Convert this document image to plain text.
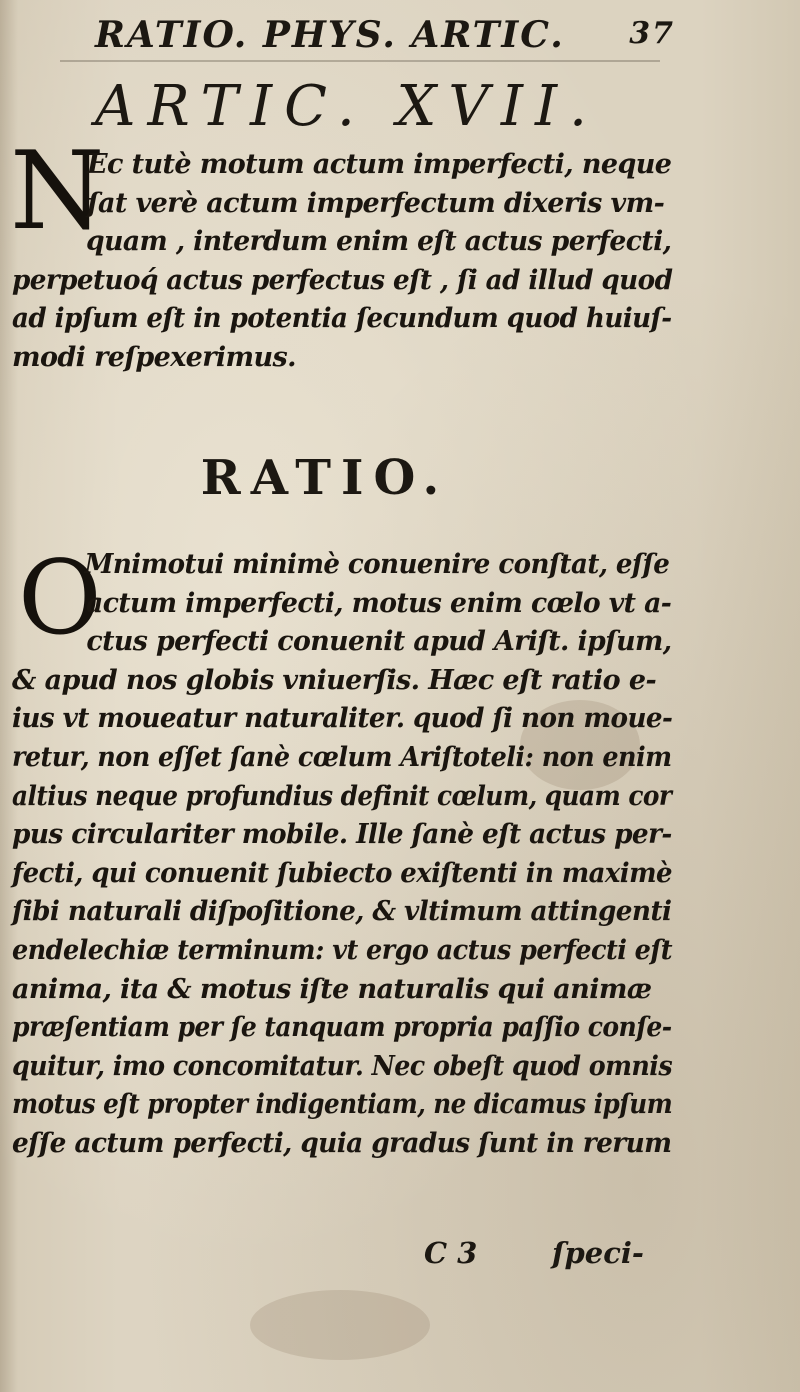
RATIO. PHYS. ARTIC. 37
ARTIC. XVII.
N
Ec tutè motum actum imperfecti, neque
ſat verè actum imperfectum dixeris vm-
quam , interdum enim eſt actus perfecti,
perpetuoq́ actus perfectus eſt , ſi ad illud quod
ad ipſum eſt in potentia ſecundum quod huiuſ-
modi reſpexerimus.
RATIO.
O
Mnimotui minimè conuenire conſtat, eſſe
actum imperfecti, motus enim cœlo vt a-
ctus perfecti conuenit apud Ariſt. ipſum,
& apud nos globis vniuerſis. Hæc eſt ratio e-
ius vt moueatur naturaliter. quod ſi non moue-
retur, non eſſet ſanè cœlum Ariſtoteli: non enim
altius neque profundius definit cœlum, quam cor
pus circulariter mobile. Ille ſanè eſt actus per-
fecti, qui conuenit ſubiecto exiſtenti in maximè
ſibi naturali diſpoſitione, & vltimum attingenti
endelechiæ terminum: vt ergo actus perfecti eſt
anima, ita & motus iſte naturalis qui animæ
præſentiam per ſe tanquam propria paſſio conſe-
quitur, imo concomitatur. Nec obeſt quod omnis
motus eſt propter indigentiam, ne dicamus ipſum
eſſe actum perfecti, quia gradus ſunt in rerum
C 3	ſpeci-
